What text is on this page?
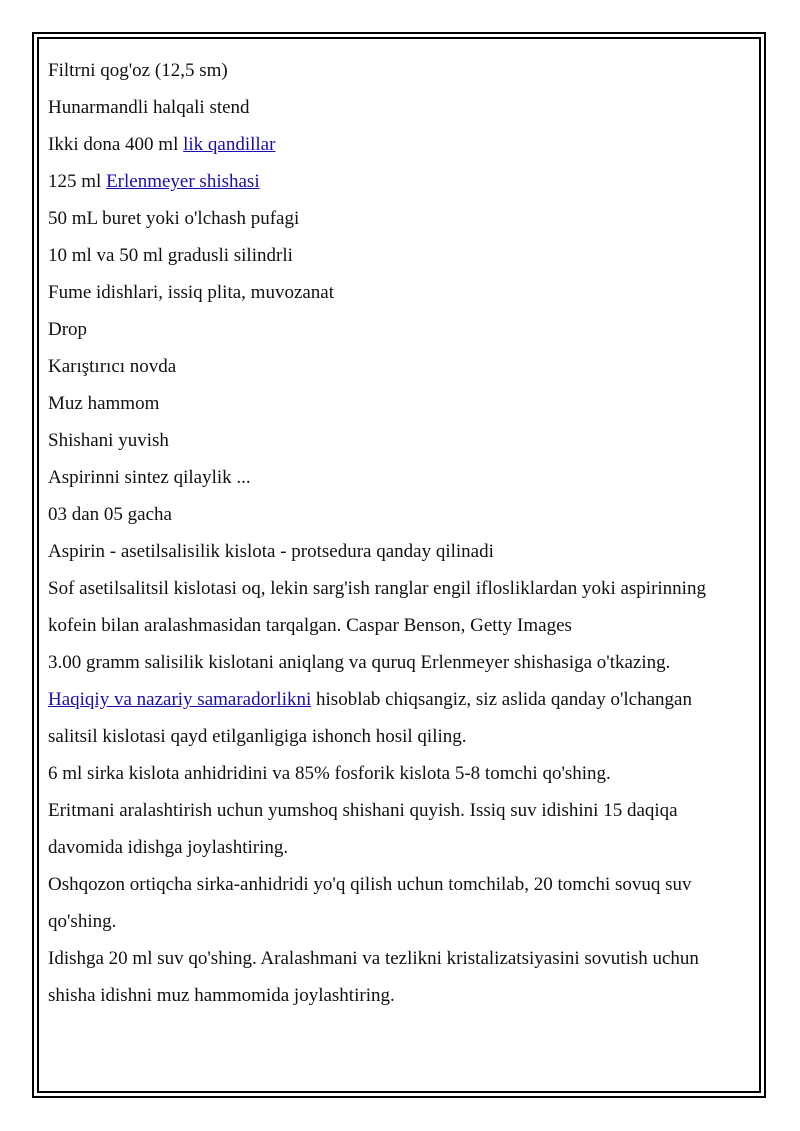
Filtrni qog'oz (12,5 sm)

Hunarmandli halqali stend

Ikki dona 400 ml lik qandillar

125 ml Erlenmeyer shishasi

50 mL buret yoki o'lchash pufagi

10 ml va 50 ml gradusli silindrli

Fume idishlari, issiq plita, muvozanat

Drop

Karıştırıcı novda

Muz hammom

Shishani yuvish

Aspirinni sintez qilaylik ...

03 dan 05 gacha

Aspirin - asetilsalisilik kislota - protsedura qanday qilinadi

Sof asetilsalitsil kislotasi oq, lekin sarg'ish ranglar engil iflosliklardan yoki aspirinning kofein bilan aralashmasidan tarqalgan. Caspar Benson, Getty Images

3.00 gramm salisilik kislotani aniqlang va quruq Erlenmeyer shishasiga o'tkazing. Haqiqiy va nazariy samaradorlikni hisoblab chiqsangiz, siz aslida qanday o'lchangan salitsil kislotasi qayd etilganligiga ishonch hosil qiling.

6 ml sirka kislota anhidridini va 85% fosforik kislota 5-8 tomchi qo'shing.

Eritmani aralashtirish uchun yumshoq shishani quyish. Issiq suv idishini 15 daqiqa davomida idishga joylashtiring.

Oshqozon ortiqcha sirka-anhidridi yo'q qilish uchun tomchilab, 20 tomchi sovuq suv qo'shing.

Idishga 20 ml suv qo'shing. Aralashmani va tezlikni kristalizatsiyasini sovutish uchun shisha idishni muz hammomida joylashtiring.
